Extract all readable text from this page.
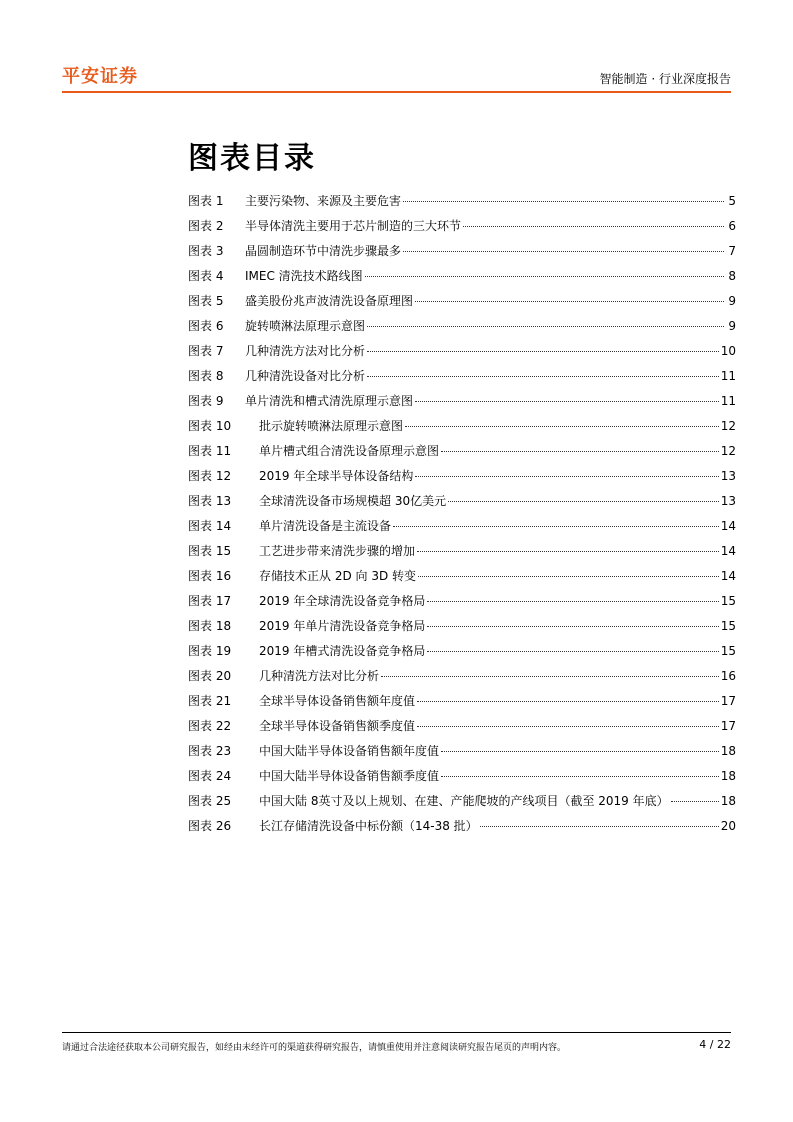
平安证券	智能制造 · 行业深度报告
图表目录
图表 1	主要污染物、来源及主要危害	5
图表 2	半导体清洗主要用于芯片制造的三大环节	6
图表 3	晶圆制造环节中清洗步骤最多	7
图表 4	IMEC 清洗技术路线图	8
图表 5	盛美股份兆声波清洗设备原理图	9
图表 6	旋转喷淋法原理示意图	9
图表 7	几种清洗方法对比分析	10
图表 8	几种清洗设备对比分析	11
图表 9	单片清洗和槽式清洗原理示意图	11
图表 10	批示旋转喷淋法原理示意图	12
图表 11	单片槽式组合清洗设备原理示意图	12
图表 12	2019 年全球半导体设备结构	13
图表 13	全球清洗设备市场规模超 30亿美元	13
图表 14	单片清洗设备是主流设备	14
图表 15	工艺进步带来清洗步骤的增加	14
图表 16	存储技术正从 2D 向 3D 转变	14
图表 17	2019 年全球清洗设备竞争格局	15
图表 18	2019 年单片清洗设备竞争格局	15
图表 19	2019 年槽式清洗设备竞争格局	15
图表 20	几种清洗方法对比分析	16
图表 21	全球半导体设备销售额年度值	17
图表 22	全球半导体设备销售额季度值	17
图表 23	中国大陆半导体设备销售额年度值	18
图表 24	中国大陆半导体设备销售额季度值	18
图表 25	中国大陆 8英寸及以上规划、在建、产能爬坡的产线项目（截至 2019 年底）	18
图表 26	长江存储清洗设备中标份额（14-38 批）	20
请通过合法途径获取本公司研究报告，如经由未经许可的渠道获得研究报告，请慎重使用并注意阅读研究报告尾页的声明内容。	4 / 22
